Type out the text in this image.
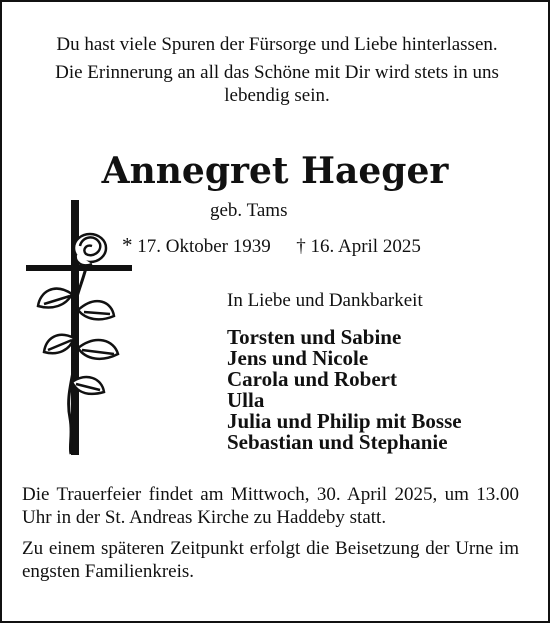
Du hast viele Spuren der Fürsorge und Liebe hinterlassen.

Die Erinnerung an all das Schöne mit Dir wird stets in uns lebendig sein.

Annegret Haeger
geb. Tams
* 17. Oktober 1939 † 16. April 2025
In Liebe und Dankbarkeit
Torsten und Sabine
Jens und Nicole
Carola und Robert
Ulla
Julia und Philip mit Bosse
Sebastian und Stephanie

Die Trauerfeier findet am Mittwoch, 30. April 2025, um 13.00 Uhr in der St. Andreas Kirche zu Haddeby statt.

Zu einem späteren Zeitpunkt erfolgt die Beisetzung der Urne im engsten Familienkreis.
